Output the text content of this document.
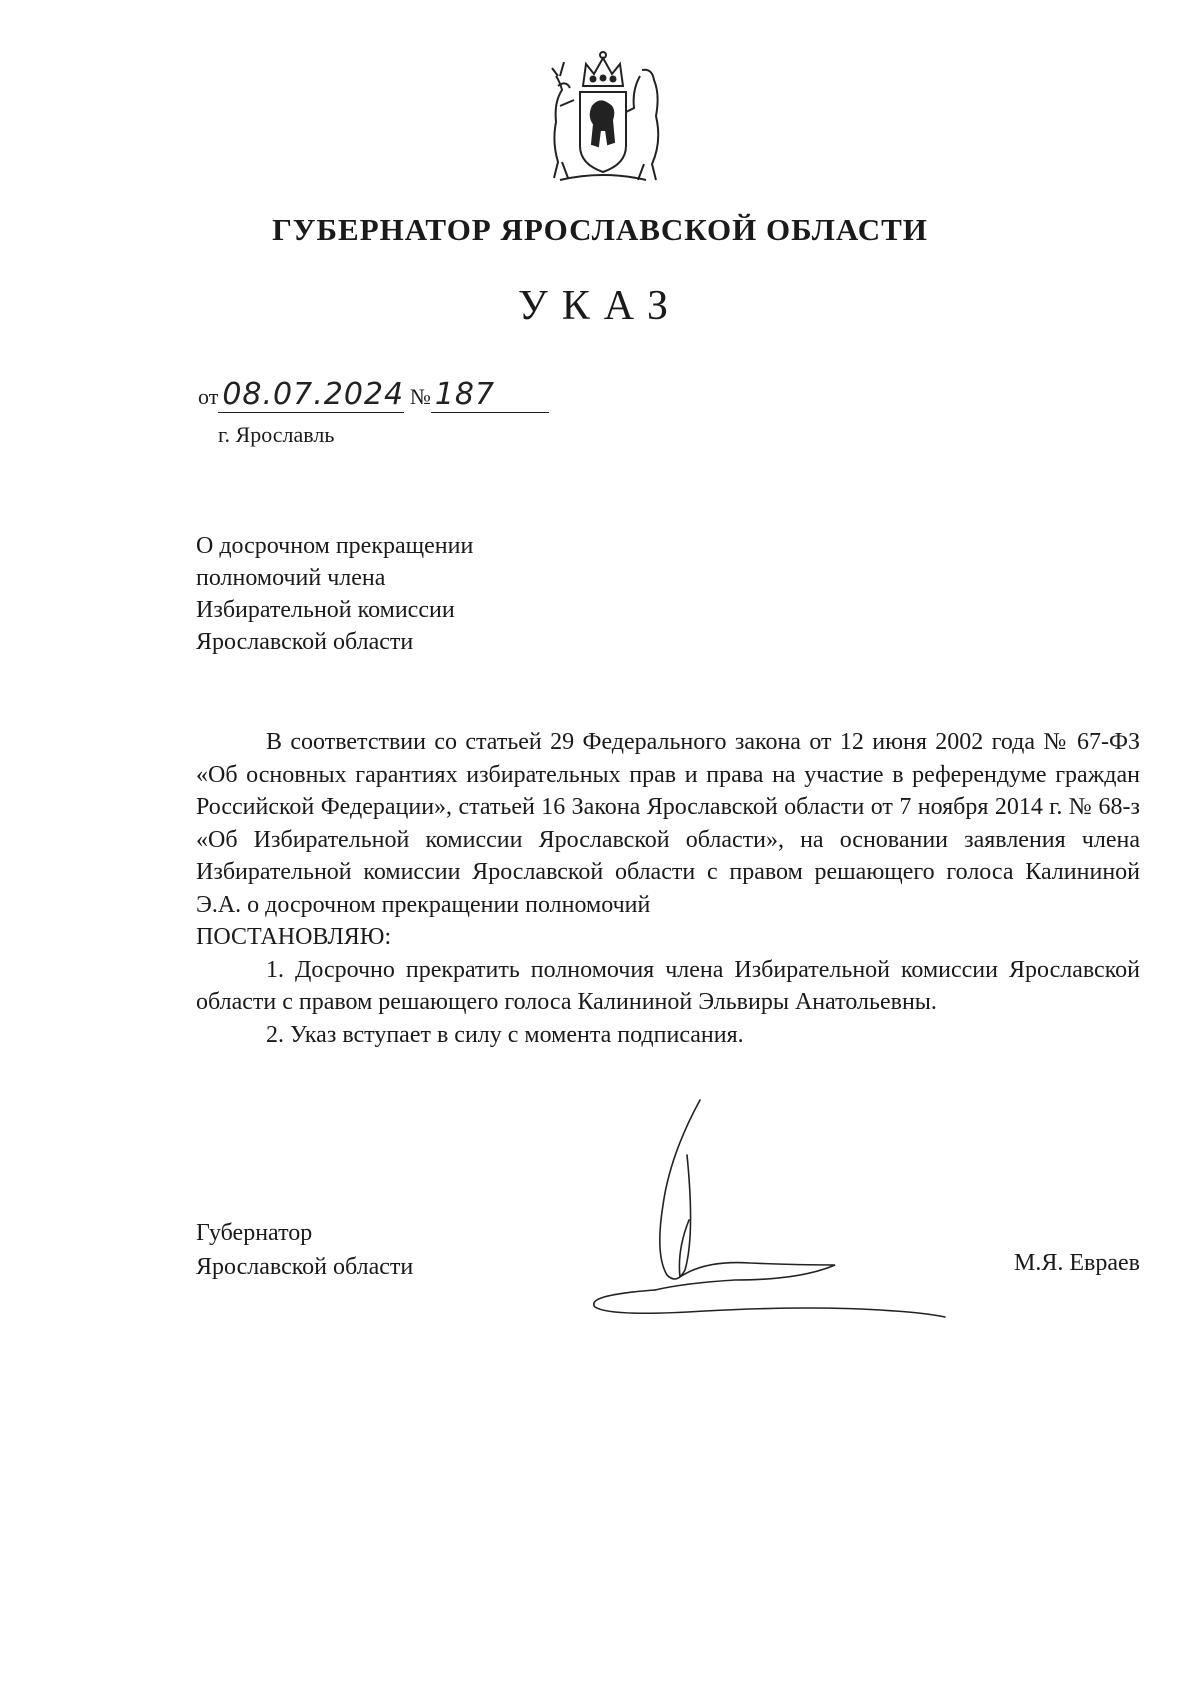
ГУБЕРНАТОР ЯРОСЛАВСКОЙ ОБЛАСТИ
УКАЗ
от 08.07.2024 № 187
г. Ярославль
О досрочном прекращении
полномочий члена
Избирательной комиссии
Ярославской области

В соответствии со статьей 29 Федерального закона от 12 июня 2002 года № 67-ФЗ «Об основных гарантиях избирательных прав и права на участие в референдуме граждан Российской Федерации», статьей 16 Закона Ярославской области от 7 ноября 2014 г. № 68-з «Об Избирательной комиссии Ярославской области», на основании заявления члена Избирательной комиссии Ярославской области с правом решающего голоса Калининой Э.А. о досрочном прекращении полномочий

ПОСТАНОВЛЯЮ:

1. Досрочно прекратить полномочия члена Избирательной комиссии Ярославской области с правом решающего голоса Калининой Эльвиры Анатольевны.

2. Указ вступает в силу с момента подписания.

Губернатор
Ярославской области	М.Я. Евраев
